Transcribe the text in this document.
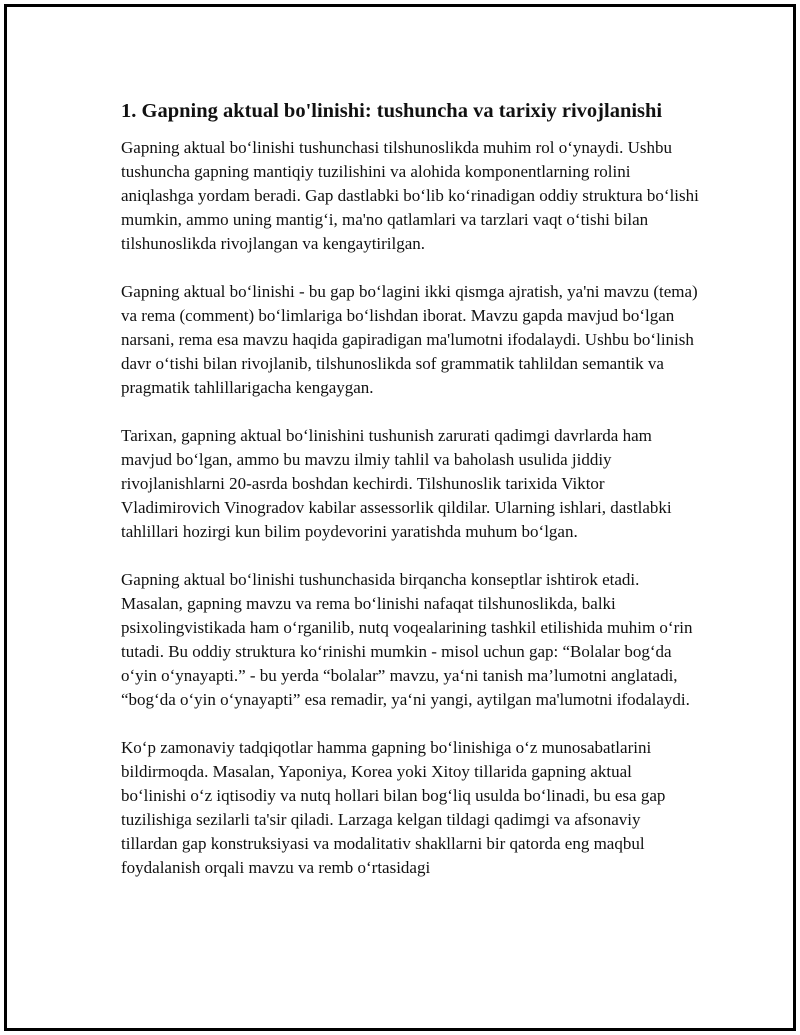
1. Gapning aktual bo'linishi: tushuncha va tarixiy rivojlanishi

Gapning aktual bo‘linishi tushunchasi tilshunoslikda muhim rol o‘ynaydi. Ushbu tushuncha gapning mantiqiy tuzilishini va alohida komponentlarning rolini aniqlashga yordam beradi. Gap dastlabki bo‘lib ko‘rinadigan oddiy struktura bo‘lishi mumkin, ammo uning mantig‘i, ma'no qatlamlari va tarzlari vaqt o‘tishi bilan tilshunoslikda rivojlangan va kengaytirilgan.

Gapning aktual bo‘linishi - bu gap bo‘lagini ikki qismga ajratish, ya'ni mavzu (tema) va rema (comment) bo‘limlariga bo‘lishdan iborat. Mavzu gapda mavjud bo‘lgan narsani, rema esa mavzu haqida gapiradigan ma'lumotni ifodalaydi. Ushbu bo‘linish davr o‘tishi bilan rivojlanib, tilshunoslikda sof grammatik tahlildan semantik va pragmatik tahlillarigacha kengaygan.

Tarixan, gapning aktual bo‘linishini tushunish zarurati qadimgi davrlarda ham mavjud bo‘lgan, ammo bu mavzu ilmiy tahlil va baholash usulida jiddiy rivojlanishlarni 20-asrda boshdan kechirdi. Tilshunoslik tarixida Viktor Vladimirovich Vinogradov kabilar assessorlik qildilar. Ularning ishlari, dastlabki tahlillari hozirgi kun bilim poydevorini yaratishda muhum bo‘lgan.

Gapning aktual bo‘linishi tushunchasida birqancha konseptlar ishtirok etadi. Masalan, gapning mavzu va rema bo‘linishi nafaqat tilshunoslikda, balki psixolingvistikada ham o‘rganilib, nutq voqealarining tashkil etilishida muhim o‘rin tutadi. Bu oddiy struktura ko‘rinishi mumkin - misol uchun gap: “Bolalar bog‘da o‘yin o‘ynayapti.” - bu yerda “bolalar” mavzu, ya‘ni tanish ma’lumotni anglatadi, “bog‘da o‘yin o‘ynayapti” esa remadir, ya‘ni yangi, aytilgan ma'lumotni ifodalaydi.

Ko‘p zamonaviy tadqiqotlar hamma gapning bo‘linishiga o‘z munosabatlarini bildirmoqda. Masalan, Yaponiya, Korea yoki Xitoy tillarida gapning aktual bo‘linishi o‘z iqtisodiy va nutq hollari bilan bog‘liq usulda bo‘linadi, bu esa gap tuzilishiga sezilarli ta'sir qiladi. Larzaga kelgan tildagi qadimgi va afsonaviy tillardan gap konstruksiyasi va modalitativ shakllarni bir qatorda eng maqbul foydalanish orqali mavzu va remb o‘rtasidagi
